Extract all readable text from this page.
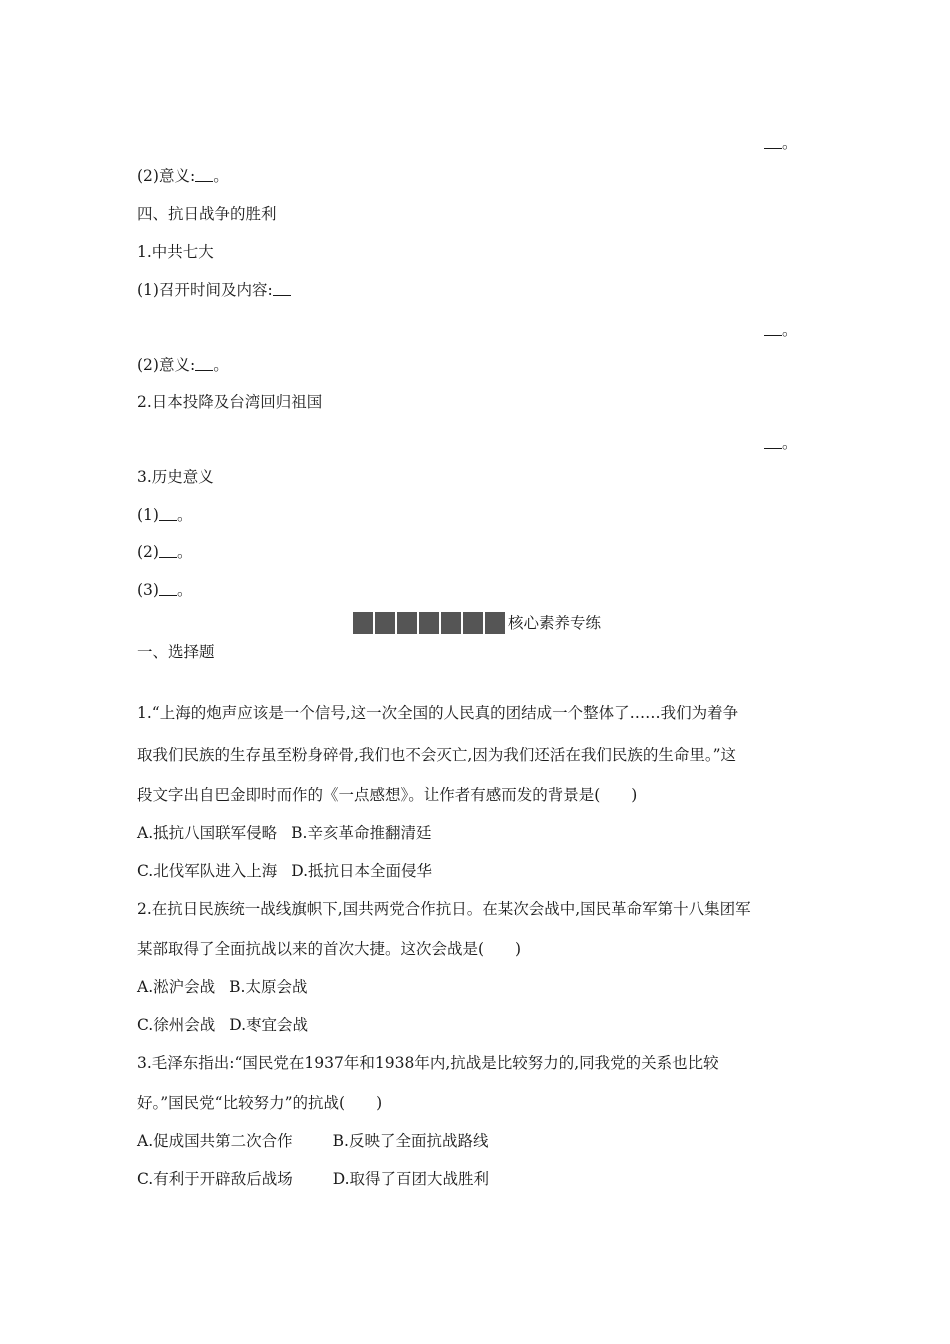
。
(2)意义: 。
四、抗日战争的胜利
1.中共七大
(1)召开时间及内容:
。
(2)意义: 。
2.日本投降及台湾回归祖国
。
3.历史意义
(1) 。
(2) 。
(3) 。
核心素养专练
一、选择题
1.“上海的炮声应该是一个信号,这一次全国的人民真的团结成一个整体了……我们为着争
取我们民族的生存虽至粉身碎骨,我们也不会灭亡,因为我们还活在我们民族的生命里。”这
段文字出自巴金即时而作的《一点感想》。让作者有感而发的背景是(　　)
A.抵抗八国联军侵略 B.辛亥革命推翻清廷
C.北伐军队进入上海 D.抵抗日本全面侵华
2.在抗日民族统一战线旗帜下,国共两党合作抗日。在某次会战中,国民革命军第十八集团军
某部取得了全面抗战以来的首次大捷。这次会战是(　　)
A.淞沪会战 B.太原会战
C.徐州会战 D.枣宜会战
3.毛泽东指出:“国民党在1937年和1938年内,抗战是比较努力的,同我党的关系也比较
好。”国民党“比较努力”的抗战(　　)
A.促成国共第二次合作	B.反映了全面抗战路线
C.有利于开辟敌后战场	D.取得了百团大战胜利
